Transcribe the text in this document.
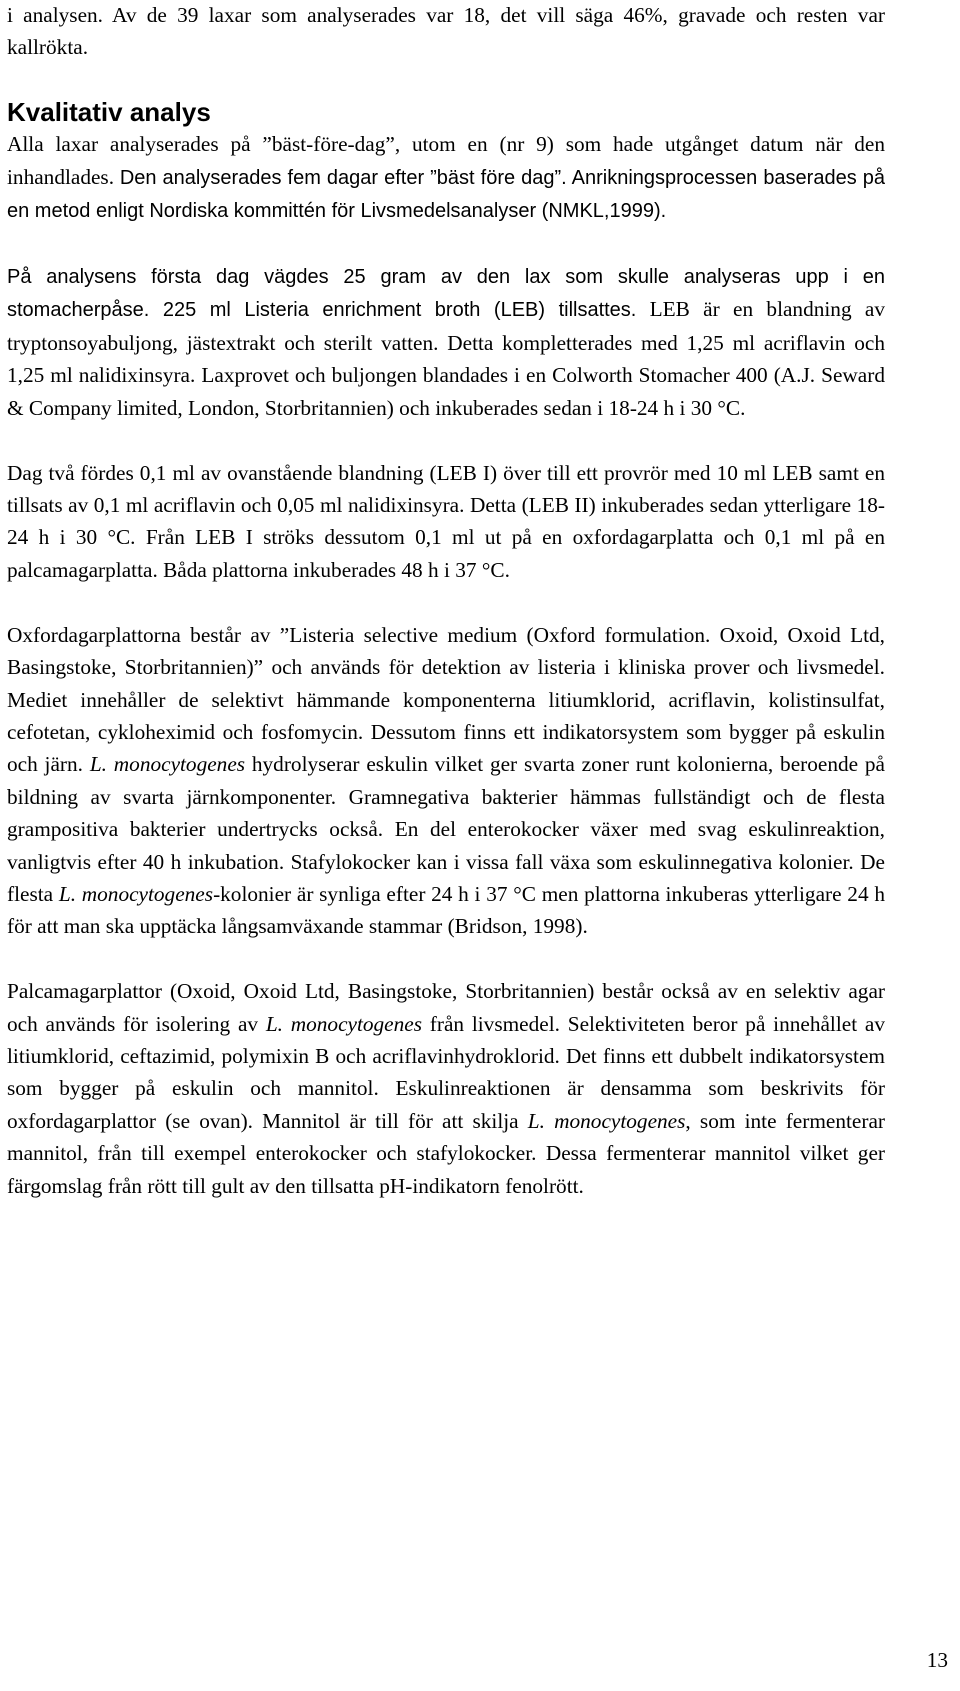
i analysen. Av de 39 laxar som analyserades var 18, det vill säga 46%, gravade och resten var kallrökta.

Kvalitativ analys

Alla laxar analyserades på ”bäst-före-dag”, utom en (nr 9) som hade utgånget datum när den inhandlades. Den analyserades fem dagar efter ”bäst före dag”. Anrikningsprocessen baserades på en metod enligt Nordiska kommittén för Livsmedelsanalyser (NMKL,1999).

På analysens första dag vägdes 25 gram av den lax som skulle analyseras upp i en stomacherpåse. 225 ml Listeria enrichment broth (LEB) tillsattes. LEB är en blandning av tryptonsoyabuljong, jästextrakt och sterilt vatten. Detta kompletterades med 1,25 ml acriflavin och 1,25 ml nalidixinsyra. Laxprovet och buljongen blandades i en Colworth Stomacher 400 (A.J. Seward & Company limited, London, Storbritannien) och inkuberades sedan i 18-24 h i 30 °C.

Dag två fördes 0,1 ml av ovanstående blandning (LEB I) över till ett provrör med 10 ml LEB samt en tillsats av 0,1 ml acriflavin och 0,05 ml nalidixinsyra. Detta (LEB II) inkuberades sedan ytterligare 18-24 h i 30 °C. Från LEB I ströks dessutom 0,1 ml ut på en oxfordagarplatta och 0,1 ml på en palcamagarplatta. Båda plattorna inkuberades 48 h i 37 °C.

Oxfordagarplattorna består av ”Listeria selective medium (Oxford formulation. Oxoid, Oxoid Ltd, Basingstoke, Storbritannien)” och används för detektion av listeria i kliniska prover och livsmedel. Mediet innehåller de selektivt hämmande komponenterna litiumklorid, acriflavin, kolistinsulfat, cefotetan, cykloheximid och fosfomycin. Dessutom finns ett indikatorsystem som bygger på eskulin och järn. L. monocytogenes hydrolyserar eskulin vilket ger svarta zoner runt kolonierna, beroende på bildning av svarta järnkomponenter. Gramnegativa bakterier hämmas fullständigt och de flesta grampositiva bakterier undertrycks också. En del enterokocker växer med svag eskulinreaktion, vanligtvis efter 40 h inkubation. Stafylokocker kan i vissa fall växa som eskulinnegativa kolonier. De flesta L. monocytogenes-kolonier är synliga efter 24 h i 37 °C men plattorna inkuberas ytterligare 24 h för att man ska upptäcka långsamväxande stammar (Bridson, 1998).

Palcamagarplattor (Oxoid, Oxoid Ltd, Basingstoke, Storbritannien) består också av en selektiv agar och används för isolering av L. monocytogenes från livsmedel. Selektiviteten beror på innehållet av litiumklorid, ceftazimid, polymixin B och acriflavinhydroklorid. Det finns ett dubbelt indikatorsystem som bygger på eskulin och mannitol. Eskulinreaktionen är densamma som beskrivits för oxfordagarplattor (se ovan). Mannitol är till för att skilja L. monocytogenes, som inte fermenterar mannitol, från till exempel enterokocker och stafylokocker. Dessa fermenterar mannitol vilket ger färgomslag från rött till gult av den tillsatta pH-indikatorn fenolrött.

13
